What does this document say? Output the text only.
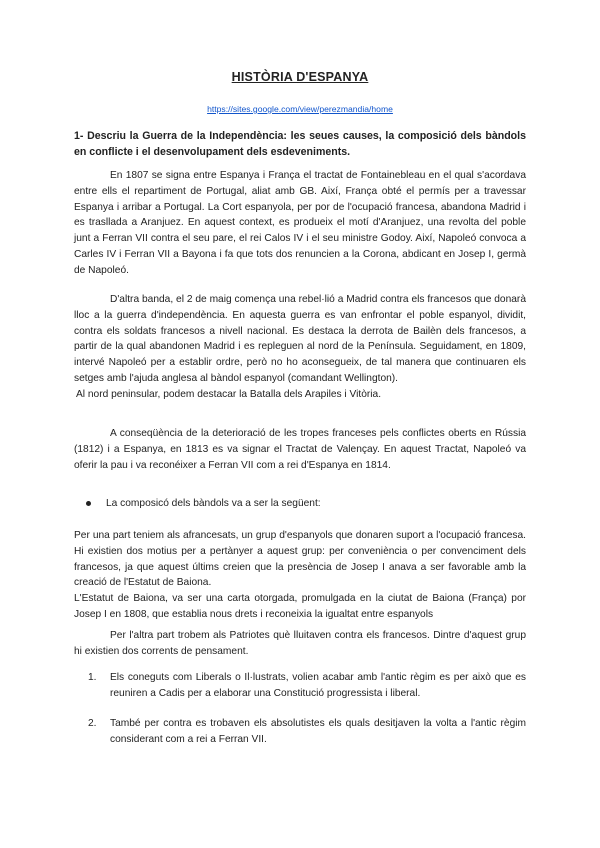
HISTÒRIA D'ESPANYA
https://sites.google.com/view/perezmandia/home
1- Descriu la Guerra de la Independència: les seues causes, la composició dels bàndols en conflicte i el desenvolupament dels esdeveniments.

En 1807 se signa entre Espanya i França el tractat de Fontainebleau en el qual s'acordava entre ells el repartiment de Portugal, aliat amb GB. Així, França obté el permís per a travessar Espanya i arribar a Portugal. La Cort espanyola, per por de l'ocupació francesa, abandona Madrid i es trasllada a Aranjuez. En aquest context, es produeix el motí d'Aranjuez, una revolta del poble junt a Ferran VII contra el seu pare, el rei Calos IV i el seu ministre Godoy. Així, Napoleó convoca a Carles IV i Ferran VII a Bayona i fa que tots dos renuncien a la Corona, abdicant en Josep I, germà de Napoleó.

D'altra banda, el 2 de maig comença una rebel·lió a Madrid contra els francesos que donarà lloc a la guerra d'independència. En aquesta guerra es van enfrontar el poble espanyol, dividit, contra els soldats francesos a nivell nacional. Es destaca la derrota de Bailèn dels francesos, a partir de la qual abandonen Madrid i es repleguen al nord de la Península. Seguidament, en 1809, intervé Napoleó per a establir ordre, però no ho aconsegueix, de tal manera que continuaren els setges amb l'ajuda anglesa al bàndol espanyol (comandant Wellington).

Al nord peninsular, podem destacar la Batalla dels Arapiles i Vitòria.

A conseqüència de la deterioració de les tropes franceses pels conflictes oberts en Rússia (1812) i a Espanya, en 1813 es va signar el Tractat de Valençay. En aquest Tractat, Napoleó va oferir la pau i va reconéixer a Ferran VII com a rei d'Espanya en 1814.

La composicó dels bàndols va a ser la següent:

Per una part teniem als afrancesats, un grup d'espanyols que donaren suport a l'ocupació francesa. Hi existien dos motius per a pertànyer a aquest grup: per conveniència o per convenciment dels francesos, ja que aquest últims creien que la presència de Josep I anava a ser favorable amb la creació de l'Estatut de Baiona.

L'Estatut de Baiona, va ser una carta otorgada, promulgada en la ciutat de Baiona (França) por Josep I en 1808, que establia nous drets i reconeixia la igualtat entre espanyols

Per l'altra part trobem als Patriotes què lluitaven contra els francesos. Dintre d'aquest grup hi existien dos corrents de pensament.

1. Els coneguts com Liberals o Il·lustrats, volien acabar amb l'antic règim es per això que es reuniren a Cadis per a elaborar una Constitució progressista i liberal.
2. També per contra es trobaven els absolutistes els quals desitjaven la volta a l'antic règim considerant com a rei a Ferran VII.
